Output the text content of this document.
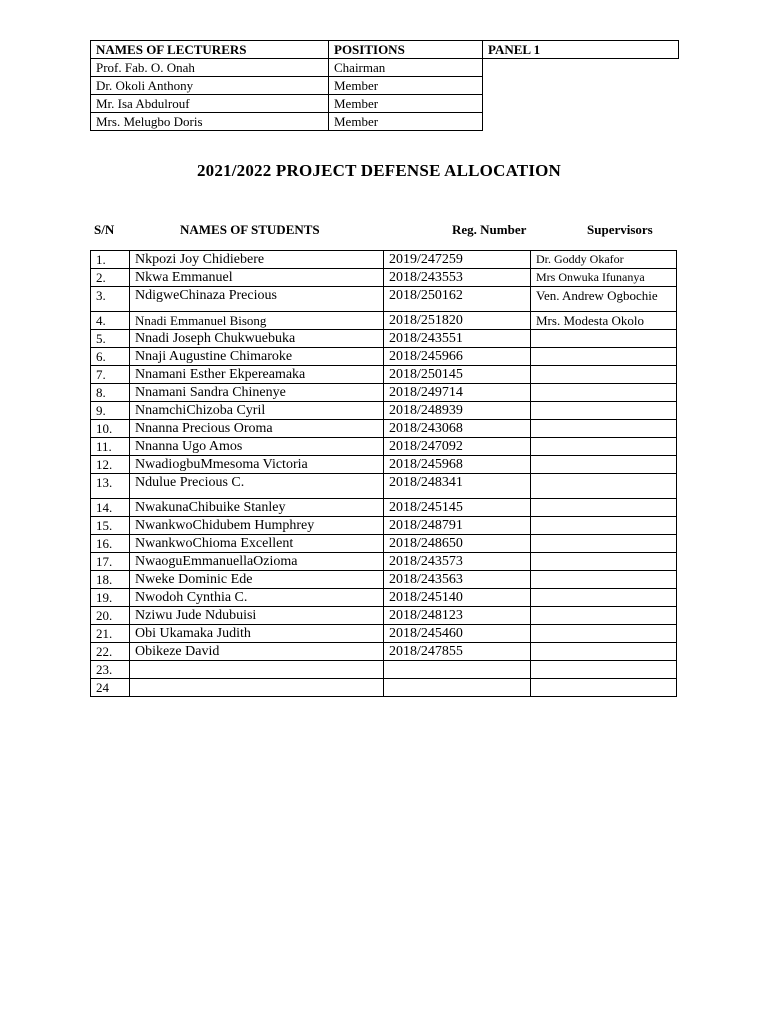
NAMES OF LECTURERS	POSITIONS	PANEL 1
Prof. Fab. O. Onah	Chairman	
Dr. Okoli Anthony	Member	
Mr. Isa Abdulrouf	Member	
Mrs. Melugbo Doris	Member	
2021/2022 PROJECT DEFENSE ALLOCATION
S/N	NAMES OF STUDENTS	Reg. Number	Supervisors
1.	Nkpozi Joy Chidiebere	2019/247259	Dr. Goddy Okafor
2.	Nkwa Emmanuel	2018/243553	Mrs Onwuka Ifunanya
3.	NdigweChinaza Precious	2018/250162	Ven. Andrew Ogbochie
4.	Nnadi Emmanuel Bisong	2018/251820	Mrs. Modesta Okolo
5.	Nnadi Joseph Chukwuebuka	2018/243551	
6.	Nnaji Augustine Chimaroke	2018/245966	
7.	Nnamani Esther Ekpereamaka	2018/250145	
8.	Nnamani Sandra Chinenye	2018/249714	
9.	NnamchiChizoba Cyril	2018/248939	
10.	Nnanna Precious Oroma	2018/243068	
11.	Nnanna Ugo Amos	2018/247092	
12.	NwadiogbuMmesoma Victoria	2018/245968	
13.	Ndulue Precious C.	2018/248341	
14.	NwakunaChibuike Stanley	2018/245145	
15.	NwankwoChidubem Humphrey	2018/248791	
16.	NwankwoChioma Excellent	2018/248650	
17.	NwaoguEmmanuellaOzioma	2018/243573	
18.	Nweke Dominic Ede	2018/243563	
19.	Nwodoh Cynthia C.	2018/245140	
20.	Nziwu Jude Ndubuisi	2018/248123	
21.	Obi Ukamaka Judith	2018/245460	
22.	Obikeze David	2018/247855	
23.			
24			
